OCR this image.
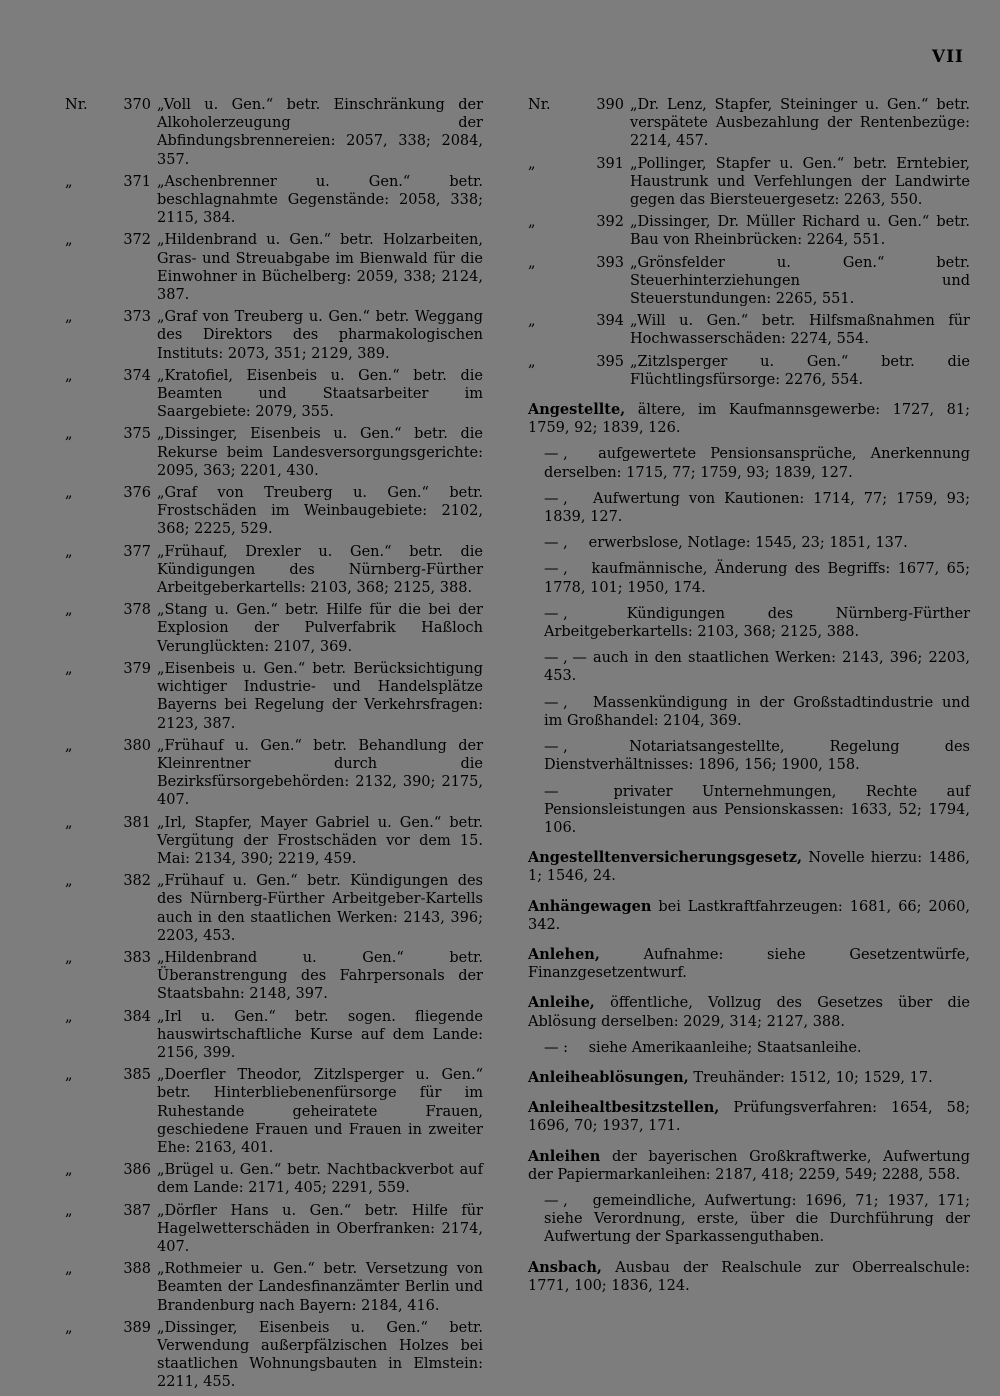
VII
Nr.	370 „Voll u. Gen.“ betr. Einschränkung der Alkoholerzeugung der Abfindungsbrennereien: 2057, 338; 2084, 357.
„	371 „Aschenbrenner u. Gen.“ betr. beschlagnahmte Gegenstände: 2058, 338; 2115, 384.
„	372 „Hildenbrand u. Gen.“ betr. Holzarbeiten, Gras- und Streuabgabe im Bienwald für die Einwohner in Büchelberg: 2059, 338; 2124, 387.
„	373 „Graf von Treuberg u. Gen.“ betr. Weggang des Direktors des pharmakologischen Instituts: 2073, 351; 2129, 389.
„	374 „Kratofiel, Eisenbeis u. Gen.“ betr. die Beamten und Staatsarbeiter im Saargebiete: 2079, 355.
„	375 „Dissinger, Eisenbeis u. Gen.“ betr. die Rekurse beim Landesversorgungsgerichte: 2095, 363; 2201, 430.
„	376 „Graf von Treuberg u. Gen.“ betr. Frostschäden im Weinbaugebiete: 2102, 368; 2225, 529.
„	377 „Frühauf, Drexler u. Gen.“ betr. die Kündigungen des Nürnberg-Fürther Arbeitgeberkartells: 2103, 368; 2125, 388.
„	378 „Stang u. Gen.“ betr. Hilfe für die bei der Explosion der Pulverfabrik Haßloch Verunglückten: 2107, 369.
„	379 „Eisenbeis u. Gen.“ betr. Berücksichtigung wichtiger Industrie- und Handelsplätze Bayerns bei Regelung der Verkehrsfragen: 2123, 387.
„	380 „Frühauf u. Gen.“ betr. Behandlung der Kleinrentner durch die Bezirksfürsorgebehörden: 2132, 390; 2175, 407.
„	381 „Irl, Stapfer, Mayer Gabriel u. Gen.“ betr. Vergütung der Frostschäden vor dem 15. Mai: 2134, 390; 2219, 459.
„	382 „Frühauf u. Gen.“ betr. Kündigungen des des Nürnberg-Fürther Arbeitgeber-Kartells auch in den staatlichen Werken: 2143, 396; 2203, 453.
„	383 „Hildenbrand u. Gen.“ betr. Überanstrengung des Fahrpersonals der Staatsbahn: 2148, 397.
„	384 „Irl u. Gen.“ betr. sogen. fliegende hauswirtschaftliche Kurse auf dem Lande: 2156, 399.
„	385 „Doerfler Theodor, Zitzlsperger u. Gen.“ betr. Hinterbliebenenfürsorge für im Ruhestande geheiratete Frauen, geschiedene Frauen und Frauen in zweiter Ehe: 2163, 401.
„	386 „Brügel u. Gen.“ betr. Nachtbackverbot auf dem Lande: 2171, 405; 2291, 559.
„	387 „Dörfler Hans u. Gen.“ betr. Hilfe für Hagelwetterschäden in Oberfranken: 2174, 407.
„	388 „Rothmeier u. Gen.“ betr. Versetzung von Beamten der Landesfinanzämter Berlin und Brandenburg nach Bayern: 2184, 416.
„	389 „Dissinger, Eisenbeis u. Gen.“ betr. Verwendung außerpfälzischen Holzes bei staatlichen Wohnungsbauten in Elmstein: 2211, 455.
Nr.	390 „Dr. Lenz, Stapfer, Steininger u. Gen.“ betr. verspätete Ausbezahlung der Rentenbezüge: 2214, 457.
„	391 „Pollinger, Stapfer u. Gen.“ betr. Erntebier, Haustrunk und Verfehlungen der Landwirte gegen das Biersteuergesetz: 2263, 550.
„	392 „Dissinger, Dr. Müller Richard u. Gen.“ betr. Bau von Rheinbrücken: 2264, 551.
„	393 „Grönsfelder u. Gen.“ betr. Steuerhinterziehungen und Steuerstundungen: 2265, 551.
„	394 „Will u. Gen.“ betr. Hilfsmaßnahmen für Hochwasserschäden: 2274, 554.
„	395 „Zitzlsperger u. Gen.“ betr. die Flüchtlingsfürsorge: 2276, 554.
Angestellte, ältere, im Kaufmannsgewerbe: 1727, 81; 1759, 92; 1839, 126.
— , aufgewertete Pensionsansprüche, Anerkennung derselben: 1715, 77; 1759, 93; 1839, 127.
— , Aufwertung von Kautionen: 1714, 77; 1759, 93; 1839, 127.
— , erwerbslose, Notlage: 1545, 23; 1851, 137.
— , kaufmännische, Änderung des Begriffs: 1677, 65; 1778, 101; 1950, 174.
— ,	Kündigungen des Nürnberg-Fürther Arbeitgeberkartells: 2103, 368; 2125, 388.
— , — auch in den staatlichen Werken: 2143, 396; 2203, 453.
— , Massenkündigung in der Großstadtindustrie und im Großhandel: 2104, 369.
— ,	Notariatsangestellte, Regelung des Dienstverhältnisses: 1896, 156; 1900, 158.
—	privater Unternehmungen, Rechte auf Pensionsleistungen aus Pensionskassen: 1633, 52; 1794, 106.
Angestelltenversicherungsgesetz, Novelle hierzu: 1486, 1; 1546, 24.
Anhängewagen bei Lastkraftfahrzeugen: 1681, 66; 2060, 342.
Anlehen, Aufnahme: siehe Gesetzentwürfe, Finanzgesetzentwurf.
Anleihe, öffentliche, Vollzug des Gesetzes über die Ablösung derselben: 2029, 314; 2127, 388.
— : siehe Amerikaanleihe; Staatsanleihe.
Anleiheablösungen, Treuhänder: 1512, 10; 1529, 17.
Anleihealtbesitzstellen, Prüfungsverfahren: 1654, 58; 1696, 70; 1937, 171.
Anleihen der bayerischen Großkraftwerke, Aufwertung der Papiermarkanleihen: 2187, 418; 2259, 549; 2288, 558.
— , gemeindliche, Aufwertung: 1696, 71; 1937, 171; siehe Verordnung, erste, über die Durchführung der Aufwertung der Sparkassenguthaben.
Ansbach, Ausbau der Realschule zur Oberrealschule: 1771, 100; 1836, 124.
